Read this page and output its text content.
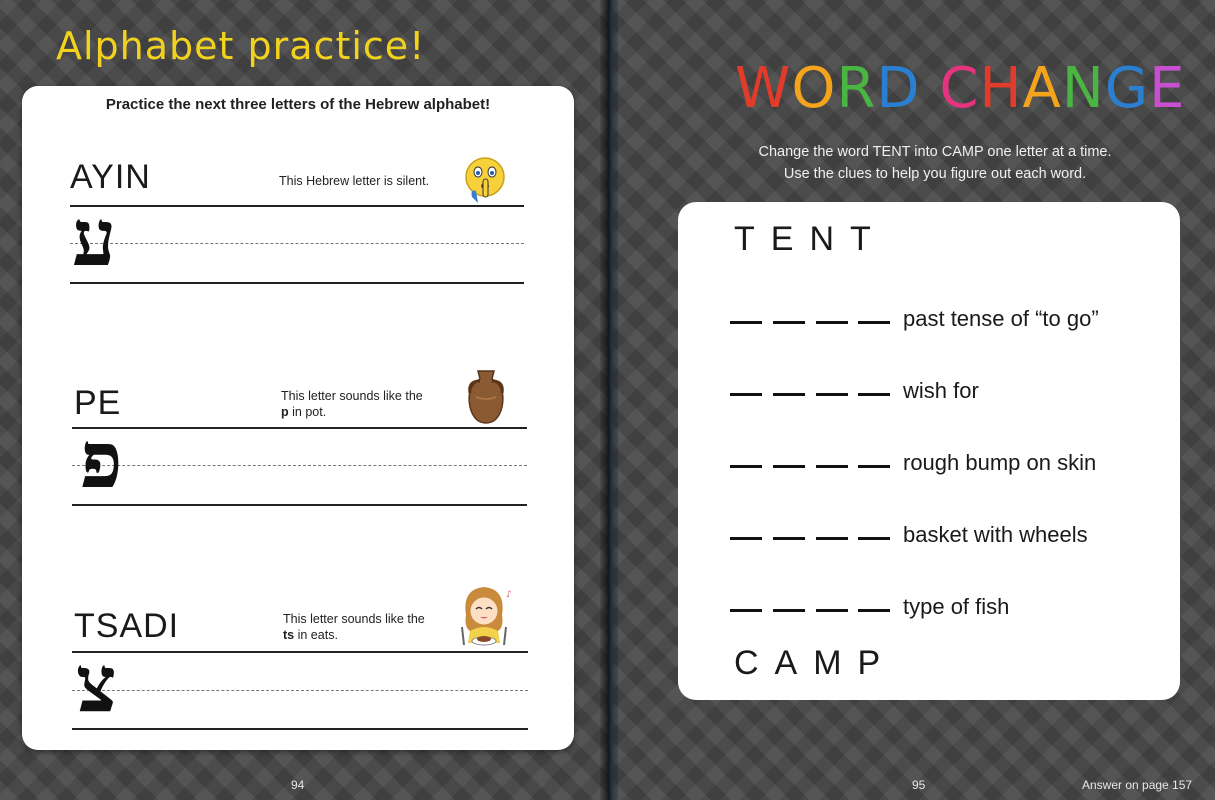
Alphabet practice!
Practice the next three letters of the Hebrew alphabet!
AYIN	This Hebrew letter is silent.
ע
PE	This letter sounds like the
p in pot.
פ
TSADI	This letter sounds like the
ts in eats.
♪
צ
94
WORD CHANGE
Change the word TENT into CAMP one letter at a time.
Use the clues to help you figure out each word.
TENT
past tense of “to go”
wish for
rough bump on skin
basket with wheels
type of fish
CAMP
95	Answer on page 157
